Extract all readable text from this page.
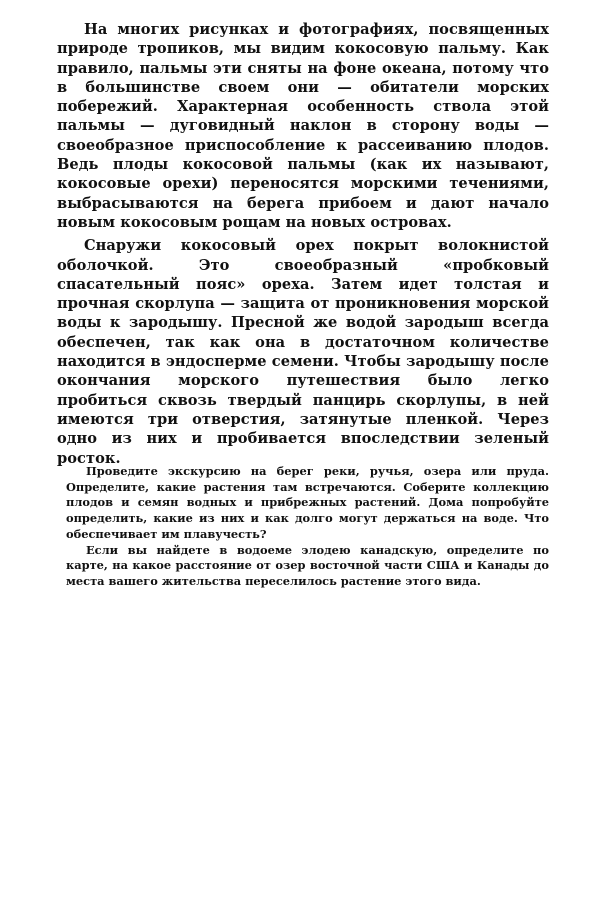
На многих рисунках и фотографиях, посвященных природе тропиков, мы видим кокосовую пальму. Как правило, пальмы эти сняты на фоне океана, потому что в большинстве своем они — обитатели морских побережий. Характерная особенность ствола этой пальмы — дуговидный наклон в сторону воды — своеобразное приспособление к рассеиванию плодов. Ведь плоды кокосовой пальмы (как их называют, кокосовые орехи) переносятся морскими течениями, выбрасываются на берега прибоем и дают начало новым кокосовым рощам на новых островах.

Снаружи кокосовый орех покрыт волокнистой оболочкой. Это своеобразный «пробковый спасательный пояс» ореха. Затем идет толстая и прочная скорлупа — защита от проникновения морской воды к зародышу. Пресной же водой зародыш всегда обеспечен, так как она в достаточном количестве находится в эндосперме семени. Чтобы зародышу после окончания морского путешествия было легко пробиться сквозь твердый панцирь скорлупы, в ней имеются три отверстия, затянутые пленкой. Через одно из них и пробивается впоследствии зеленый росток.

Проведите экскурсию на берег реки, ручья, озера или пруда. Определите, какие растения там встречаются. Соберите коллекцию плодов и семян водных и прибрежных растений. Дома попробуйте определить, какие из них и как долго могут держаться на воде. Что обеспечивает им плавучесть?

Если вы найдете в водоеме элодею канадскую, определите по карте, на какое расстояние от озер восточной части США и Канады до места вашего жительства переселилось растение этого вида.
